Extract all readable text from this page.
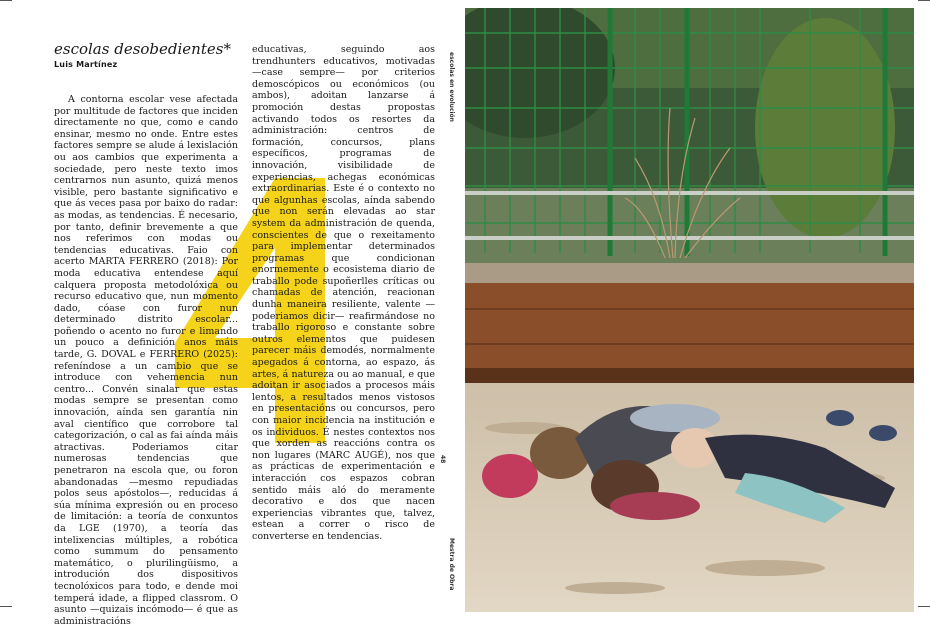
escolas desobedientes*
Luis Martínez

A contorna escolar vese afectada por multitude de factores que inciden directamente no que, como e cando ensinar, mesmo no onde. Entre estes factores sempre se alude á lexislación ou aos cambios que experimenta a sociedade, pero neste texto imos centrarnos nun asunto, quizá menos visible, pero bastante significativo e que ás veces pasa por baixo do radar: as modas, as tendencias. É necesario, por tanto, definir brevemente a que nos referimos con modas ou tendencias educativas. Faio con acerto MARTA FERRERO (2018): Por moda educativa entendese aquí calquera proposta metodolóxica ou recurso educativo que, nun momento dado, cóase con furor nun determinado distrito escolar... poñendo o acento no furor e limando un pouco a definición anos máis tarde, G. DOVAL e FERRERO (2025): refeníndose a un cambio que se introduce con vehemencia nun centro... Convén sinalar que estas modas sempre se presentan como innovación, aínda sen garantía nin aval científico que corrobore tal categorización, o cal as fai aínda máis atractivas. Poderiamos citar numerosas tendencias que penetraron na escola que, ou foron abandonadas —mesmo repudiadas polos seus apóstolos—, reducidas á súa mínima expresión ou en proceso de limitación: a teoría de conxuntos da LGE (1970), a teoría das intelixencias múltiples, a robótica como summum do pensamento matemático, o plurilingüismo, a introdución dos dispositivos tecnolóxicos para todo, e dende moi temperá idade, a flipped classrom. O asunto —quizais incómodo— é que as administracións

educativas, seguindo aos trendhunters educativos, motivadas —case sempre— por criterios demoscópicos ou económicos (ou ambos), adoitan lanzarse á promoción destas propostas activando todos os resortes da administración: centros de formación, concursos, plans específicos, programas de innovación, visibilidade de experiencias, achegas económicas extraordinarias. Este é o contexto no que algunhas escolas, aínda sabendo que non serán elevadas ao star system da administración de quenda, conscientes de que o rexeitamento para implementar determinados programas que condicionan enormemente o ecosistema diario de traballo pode supoñerlles críticas ou chamadas de atención, reacionan dunha maneira resiliente, valente —poderiamos dicir— reafirmándose no traballo rigoroso e constante sobre outros elementos que puidesen parecer máis demodés, normalmente apegados á contorna, ao espazo, ás artes, á natureza ou ao manual, e que adoitan ir asociados a procesos máis lentos, a resultados menos vistosos en presentacións ou concursos, pero con maior incidencia na institución e os individuos. É nestes contextos nos que xorden as reaccións contra os non lugares (MARC AUGÉ), nos que as prácticas de experimentación e interacción cos espazos cobran sentido máis aló do meramente decorativo e dos que nacen experiencias vibrantes que, talvez, estean a correr o risco de converterse en tendencias.

escolas en evolución
48
Mestra de Obra
